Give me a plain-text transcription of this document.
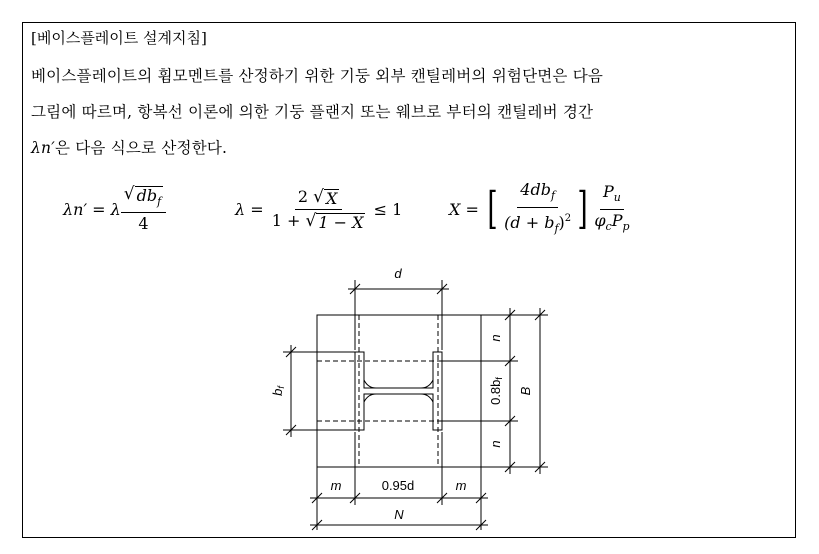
[베이스플레이트 설계지침]
베이스플레이트의 휨모멘트를 산정하기 위한 기둥 외부 캔틸레버의 위험단면은 다음
그림에 따르며, 항복선 이론에 의한 기둥 플랜지 또는 웨브로 부터의 캔틸레버 경간
λn′은 다음 식으로 산정한다.
λn′ = λ $\frac{√ db_f}{4}$	$\lambda = \frac{2 √ X}{1 + √ 1 - X} \le 1$	X = [ $\frac{4db_f}{(d + b_f)^2}$ ] $\frac{P_u}{\varphi_cP_p}$
d
n
0.8bf
n
B
bf
m	0.95d	m
N
